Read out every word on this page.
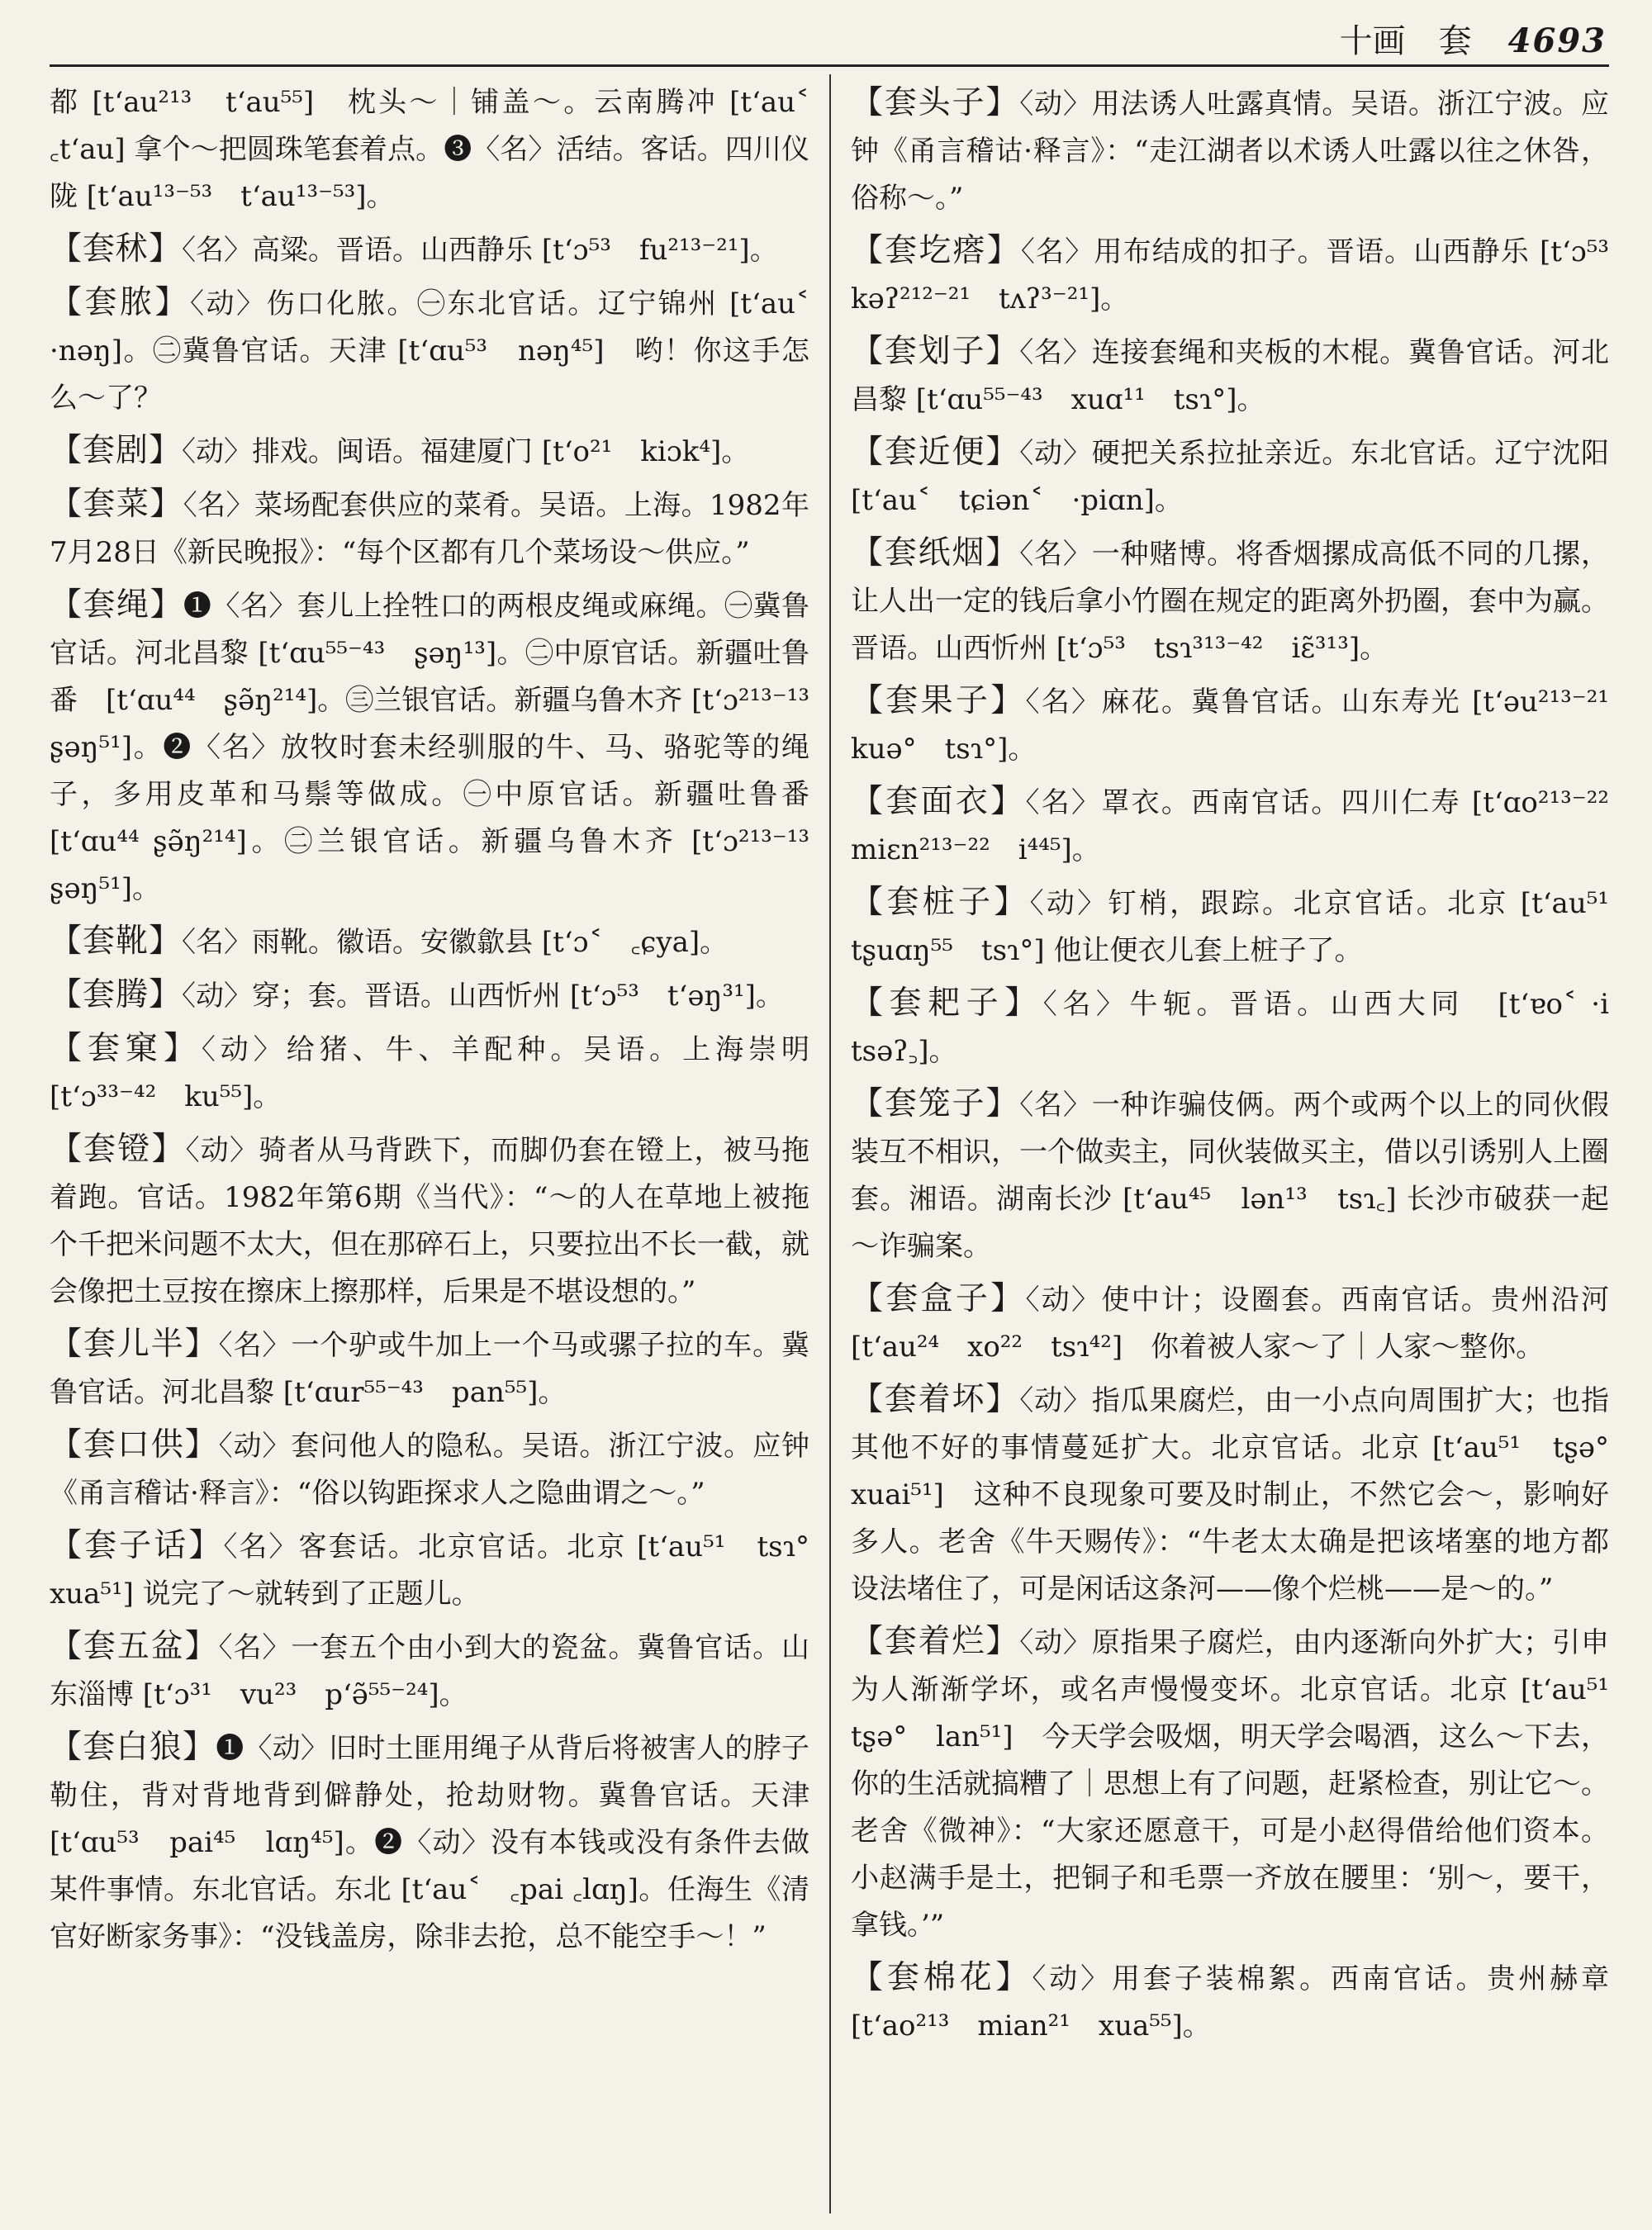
十画　套 4693
都 [tʻau²¹³　tʻau⁵⁵]　枕头～｜铺盖～。云南腾冲 [tʻau˂　꜀tʻau] 拿个～把圆珠笔套着点。❸〈名〉活结。客话。四川仪陇 [tʻau¹³⁻⁵³　tʻau¹³⁻⁵³]。
【套秫】〈名〉高粱。晋语。山西静乐 [tʻɔ⁵³　fu²¹³⁻²¹]。
【套脓】〈动〉伤口化脓。㊀东北官话。辽宁锦州 [tʻau˂ ·nəŋ]。㊁冀鲁官话。天津 [tʻɑu⁵³　nəŋ⁴⁵]　哟！你这手怎么～了？
【套剧】〈动〉排戏。闽语。福建厦门 [tʻo²¹　kiɔk⁴]。
【套菜】〈名〉菜场配套供应的菜肴。吴语。上海。1982年7月28日《新民晚报》：“每个区都有几个菜场设～供应。”
【套绳】❶〈名〉套儿上拴牲口的两根皮绳或麻绳。㊀冀鲁官话。河北昌黎 [tʻɑu⁵⁵⁻⁴³　ʂəŋ¹³]。㊁中原官话。新疆吐鲁番　[tʻɑu⁴⁴　ʂə̃ŋ²¹⁴]。㊂兰银官话。新疆乌鲁木齐 [tʻɔ²¹³⁻¹³　ʂəŋ⁵¹]。❷〈名〉放牧时套未经驯服的牛、马、骆驼等的绳子，多用皮革和马鬃等做成。㊀中原官话。新疆吐鲁番 [tʻɑu⁴⁴ ʂə̃ŋ²¹⁴]。㊁兰银官话。新疆乌鲁木齐 [tʻɔ²¹³⁻¹³　ʂəŋ⁵¹]。
【套靴】〈名〉雨靴。徽语。安徽歙县 [tʻɔ˂　꜀ɕya]。
【套腾】〈动〉穿；套。晋语。山西忻州 [tʻɔ⁵³　tʻəŋ³¹]。
【套窠】〈动〉给猪、牛、羊配种。吴语。上海崇明 [tʻɔ³³⁻⁴²　ku⁵⁵]。
【套镫】〈动〉骑者从马背跌下，而脚仍套在镫上，被马拖着跑。官话。1982年第6期《当代》：“～的人在草地上被拖个千把米问题不太大，但在那碎石上，只要拉出不长一截，就会像把土豆按在擦床上擦那样，后果是不堪设想的。”
【套儿半】〈名〉一个驴或牛加上一个马或骡子拉的车。冀鲁官话。河北昌黎 [tʻɑur⁵⁵⁻⁴³　pan⁵⁵]。
【套口供】〈动〉套问他人的隐私。吴语。浙江宁波。应钟《甬言稽诂·释言》：“俗以钩距探求人之隐曲谓之～。”
【套子话】〈名〉客套话。北京官话。北京 [tʻau⁵¹　tsɿ°　xua⁵¹] 说完了～就转到了正题儿。
【套五盆】〈名〉一套五个由小到大的瓷盆。冀鲁官话。山东淄博 [tʻɔ³¹　vu²³　pʻə̃⁵⁵⁻²⁴]。
【套白狼】❶〈动〉旧时土匪用绳子从背后将被害人的脖子勒住，背对背地背到僻静处，抢劫财物。冀鲁官话。天津 [tʻɑu⁵³　pai⁴⁵　lɑŋ⁴⁵]。❷〈动〉没有本钱或没有条件去做某件事情。东北官话。东北 [tʻau˂　꜀pai ꜀lɑŋ]。任海生《清官好断家务事》：“没钱盖房，除非去抢，总不能空手～！”
【套头子】〈动〉用法诱人吐露真情。吴语。浙江宁波。应钟《甬言稽诂·释言》：“走江湖者以术诱人吐露以往之休咎，俗称～。”
【套圪瘩】〈名〉用布结成的扣子。晋语。山西静乐 [tʻɔ⁵³　kəʔ²¹²⁻²¹　tʌʔ³⁻²¹]。
【套划子】〈名〉连接套绳和夹板的木棍。冀鲁官话。河北昌黎 [tʻɑu⁵⁵⁻⁴³　xuɑ¹¹　tsɿ°]。
【套近便】〈动〉硬把关系拉扯亲近。东北官话。辽宁沈阳 [tʻau˂　tɕiən˂　·piɑn]。
【套纸烟】〈名〉一种赌博。将香烟摞成高低不同的几摞，让人出一定的钱后拿小竹圈在规定的距离外扔圈，套中为赢。晋语。山西忻州 [tʻɔ⁵³　tsɿ³¹³⁻⁴²　iɛ̃³¹³]。
【套果子】〈名〉麻花。冀鲁官话。山东寿光 [tʻəu²¹³⁻²¹　kuə°　tsɿ°]。
【套面衣】〈名〉罩衣。西南官话。四川仁寿 [tʻɑo²¹³⁻²²　miɛn²¹³⁻²²　i⁴⁴⁵]。
【套桩子】〈动〉钉梢，跟踪。北京官话。北京 [tʻau⁵¹　tʂuɑŋ⁵⁵　tsɿ°] 他让便衣儿套上桩子了。
【套耙子】〈名〉牛轭。晋语。山西大同　[tʻɐo˂ ·i　tsəʔ꜆]。
【套笼子】〈名〉一种诈骗伎俩。两个或两个以上的同伙假装互不相识，一个做卖主，同伙装做买主，借以引诱别人上圈套。湘语。湖南长沙 [tʻau⁴⁵　lən¹³　tsɿ꜀] 长沙市破获一起～诈骗案。
【套盒子】〈动〉使中计；设圈套。西南官话。贵州沿河 [tʻau²⁴　xo²²　tsɿ⁴²]　你着被人家～了｜人家～整你。
【套着坏】〈动〉指瓜果腐烂，由一小点向周围扩大；也指其他不好的事情蔓延扩大。北京官话。北京 [tʻau⁵¹　tʂə°　xuai⁵¹]　这种不良现象可要及时制止，不然它会～，影响好多人。老舍《牛天赐传》：“牛老太太确是把该堵塞的地方都设法堵住了，可是闲话这条河——像个烂桃——是～的。”
【套着烂】〈动〉原指果子腐烂，由内逐渐向外扩大；引申为人渐渐学坏，或名声慢慢变坏。北京官话。北京 [tʻau⁵¹　tʂə°　lan⁵¹]　今天学会吸烟，明天学会喝酒，这么～下去，你的生活就搞糟了｜思想上有了问题，赶紧检查，别让它～。老舍《微神》：“大家还愿意干，可是小赵得借给他们资本。小赵满手是土，把铜子和毛票一齐放在腰里：‘别～，要干，拿钱。’”
【套棉花】〈动〉用套子装棉絮。西南官话。贵州赫章 [tʻao²¹³　mian²¹　xua⁵⁵]。
